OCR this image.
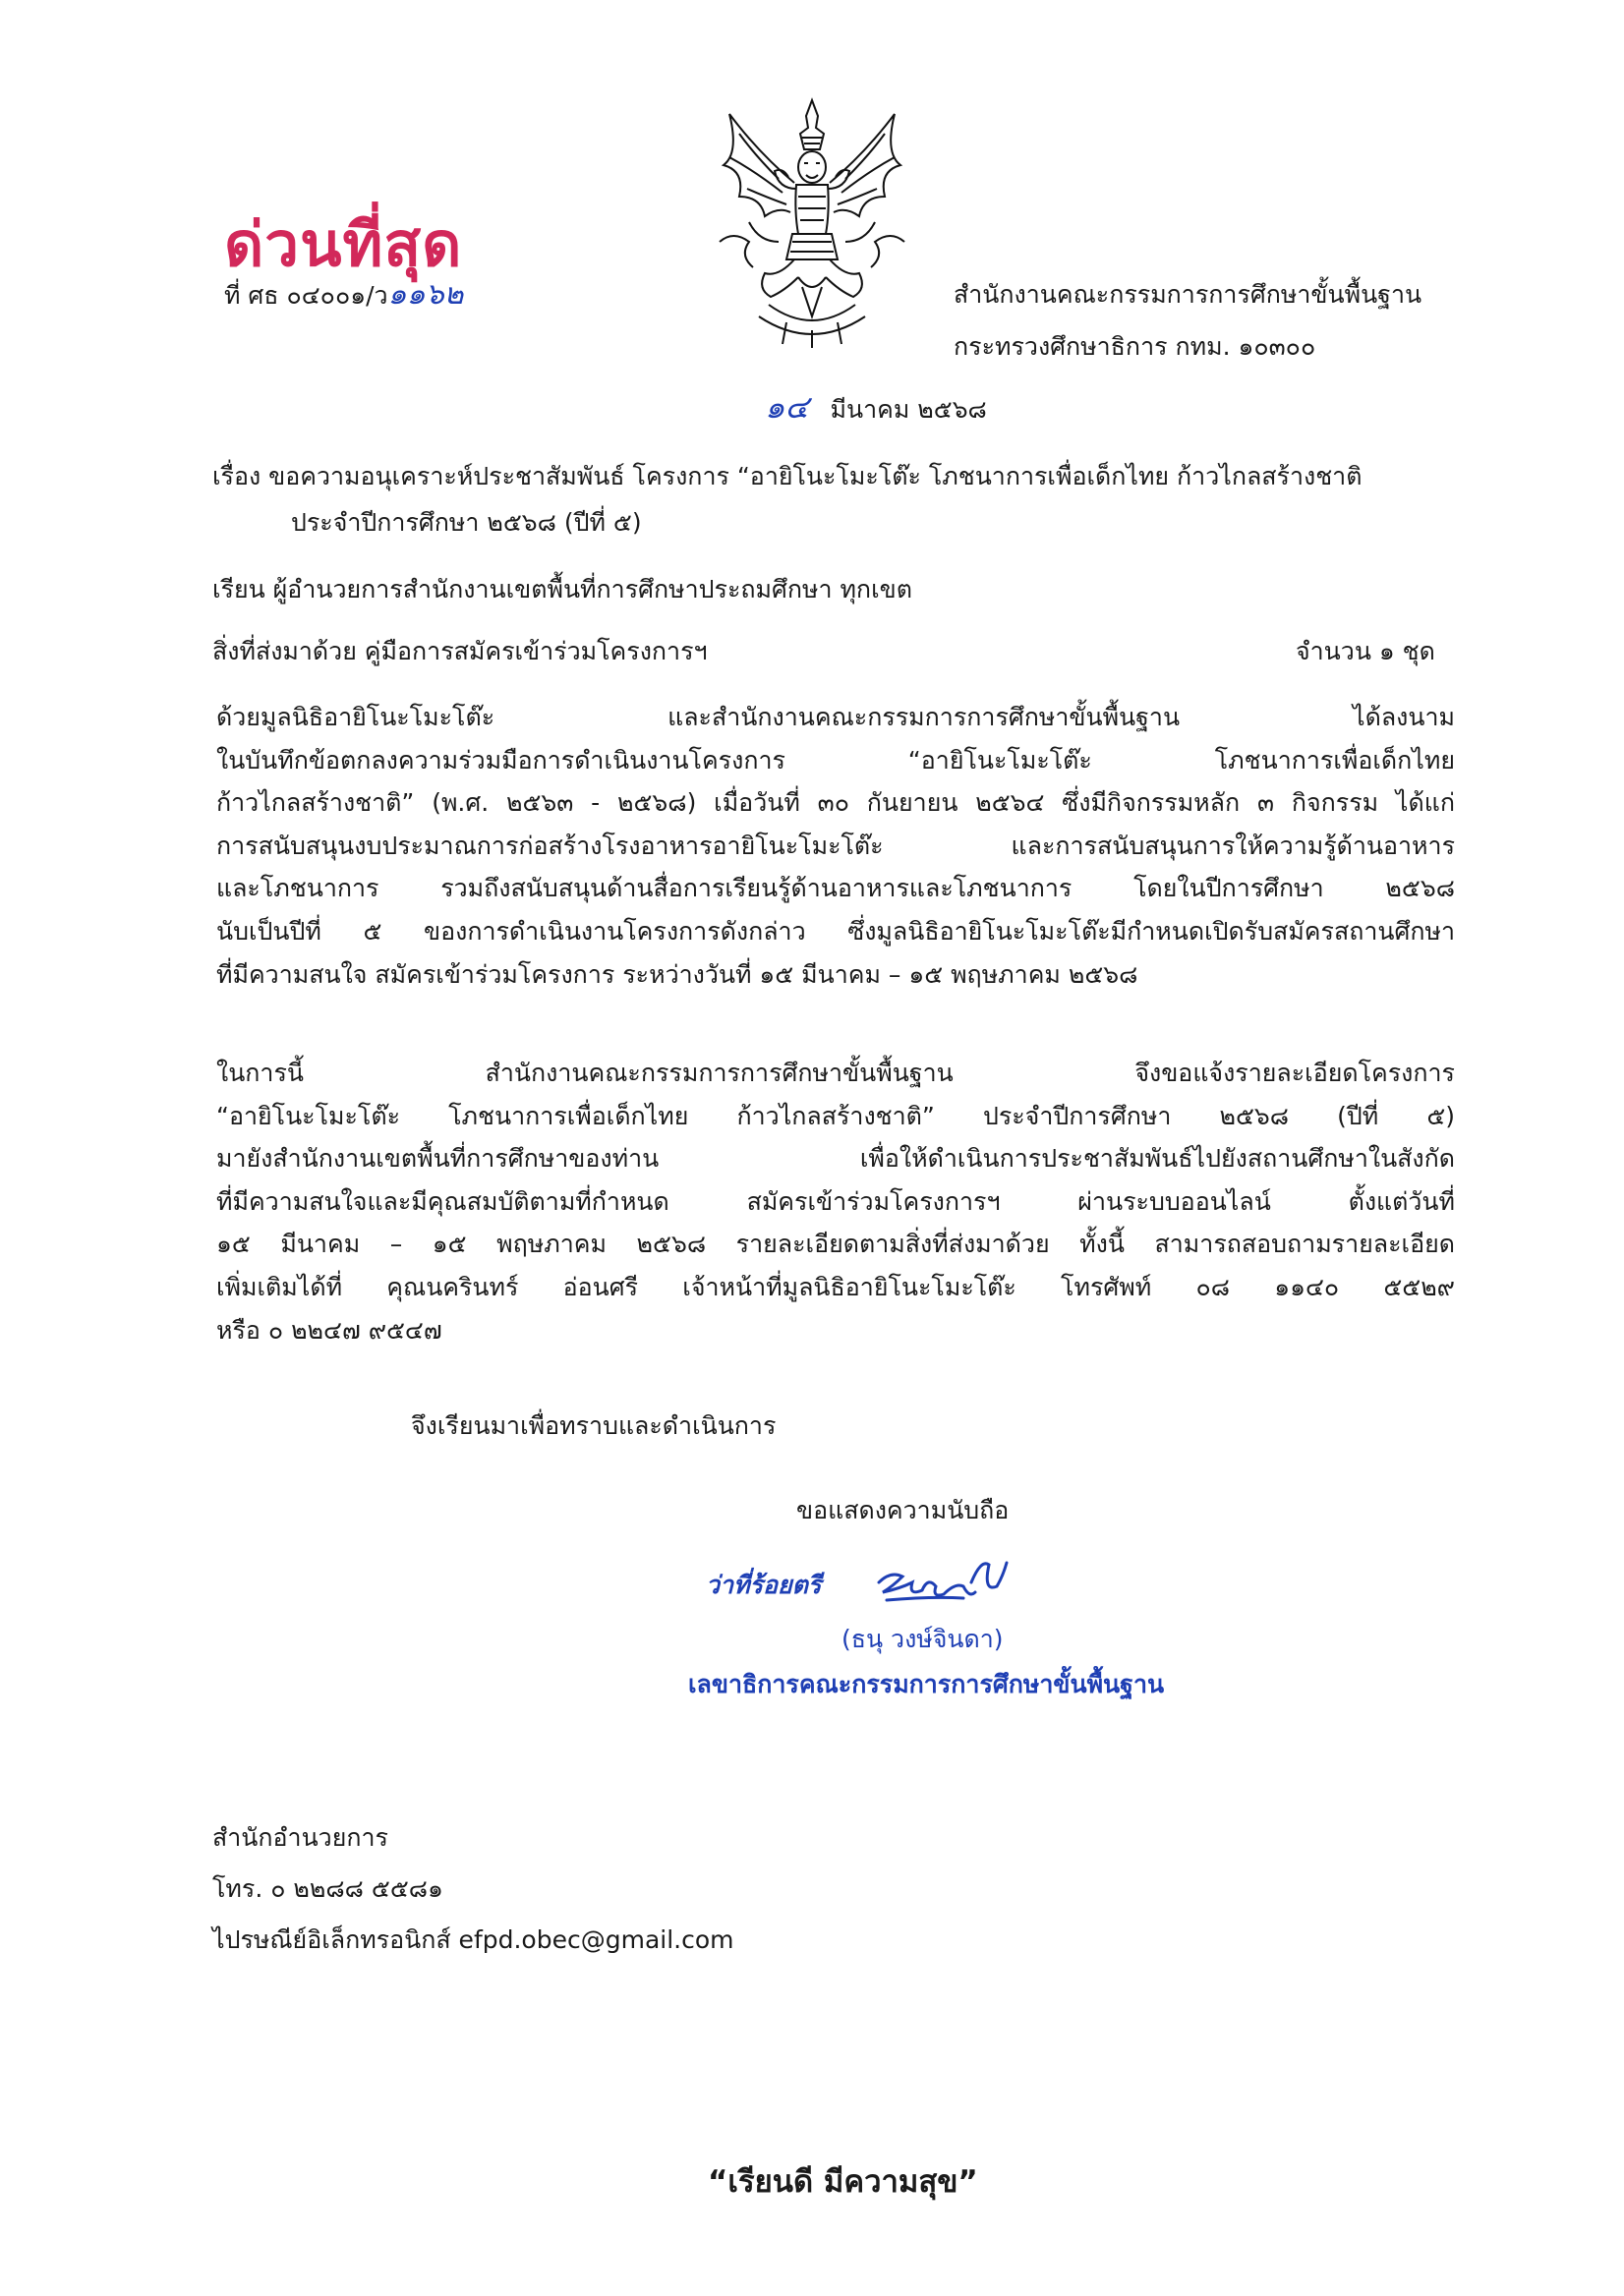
ด่วนที่สุด
ที่ ศธ ๐๔๐๐๑/ว๑๑๖๒	สำนักงานคณะกรรมการการศึกษาขั้นพื้นฐาน
กระทรวงศึกษาธิการ กทม. ๑๐๓๐๐
๑๔ มีนาคม ๒๕๖๘
เรื่อง ขอความอนุเคราะห์ประชาสัมพันธ์ โครงการ “อายิโนะโมะโต๊ะ โภชนาการเพื่อเด็กไทย ก้าวไกลสร้างชาติ
ประจำปีการศึกษา ๒๕๖๘ (ปีที่ ๕)
เรียน ผู้อำนวยการสำนักงานเขตพื้นที่การศึกษาประถมศึกษา ทุกเขต
สิ่งที่ส่งมาด้วย คู่มือการสมัครเข้าร่วมโครงการฯ	จำนวน ๑ ชุด
ด้วยมูลนิธิอายิโนะโมะโต๊ะ และสำนักงานคณะกรรมการการศึกษาขั้นพื้นฐาน ได้ลงนาม
ในบันทึกข้อตกลงความร่วมมือการดำเนินงานโครงการ “อายิโนะโมะโต๊ะ โภชนาการเพื่อเด็กไทย
ก้าวไกลสร้างชาติ” (พ.ศ. ๒๕๖๓ - ๒๕๖๘) เมื่อวันที่ ๓๐ กันยายน ๒๕๖๔ ซึ่งมีกิจกรรมหลัก ๓ กิจกรรม ได้แก่
การสนับสนุนงบประมาณการก่อสร้างโรงอาหารอายิโนะโมะโต๊ะ และการสนับสนุนการให้ความรู้ด้านอาหาร
และโภชนาการ รวมถึงสนับสนุนด้านสื่อการเรียนรู้ด้านอาหารและโภชนาการ โดยในปีการศึกษา ๒๕๖๘
นับเป็นปีที่ ๕ ของการดำเนินงานโครงการดังกล่าว ซึ่งมูลนิธิอายิโนะโมะโต๊ะมีกำหนดเปิดรับสมัครสถานศึกษา
ที่มีความสนใจ สมัครเข้าร่วมโครงการ ระหว่างวันที่ ๑๕ มีนาคม – ๑๕ พฤษภาคม ๒๕๖๘
ในการนี้ สำนักงานคณะกรรมการการศึกษาขั้นพื้นฐาน จึงขอแจ้งรายละเอียดโครงการ
“อายิโนะโมะโต๊ะ โภชนาการเพื่อเด็กไทย ก้าวไกลสร้างชาติ” ประจำปีการศึกษา ๒๕๖๘ (ปีที่ ๕)
มายังสำนักงานเขตพื้นที่การศึกษาของท่าน เพื่อให้ดำเนินการประชาสัมพันธ์ไปยังสถานศึกษาในสังกัด
ที่มีความสนใจและมีคุณสมบัติตามที่กำหนด สมัครเข้าร่วมโครงการฯ ผ่านระบบออนไลน์ ตั้งแต่วันที่
๑๕ มีนาคม – ๑๕ พฤษภาคม ๒๕๖๘ รายละเอียดตามสิ่งที่ส่งมาด้วย ทั้งนี้ สามารถสอบถามรายละเอียด
เพิ่มเติมได้ที่ คุณนครินทร์ อ่อนศรี เจ้าหน้าที่มูลนิธิอายิโนะโมะโต๊ะ โทรศัพท์ ๐๘ ๑๑๔๐ ๕๕๒๙
หรือ ๐ ๒๒๔๗ ๙๕๔๗
จึงเรียนมาเพื่อทราบและดำเนินการ
ขอแสดงความนับถือ
ว่าที่ร้อยตรี
(ธนุ วงษ์จินดา)
เลขาธิการคณะกรรมการการศึกษาขั้นพื้นฐาน
สำนักอำนวยการ
โทร. ๐ ๒๒๘๘ ๕๕๘๑
ไปรษณีย์อิเล็กทรอนิกส์ efpd.obec@gmail.com
“เรียนดี มีความสุข”
